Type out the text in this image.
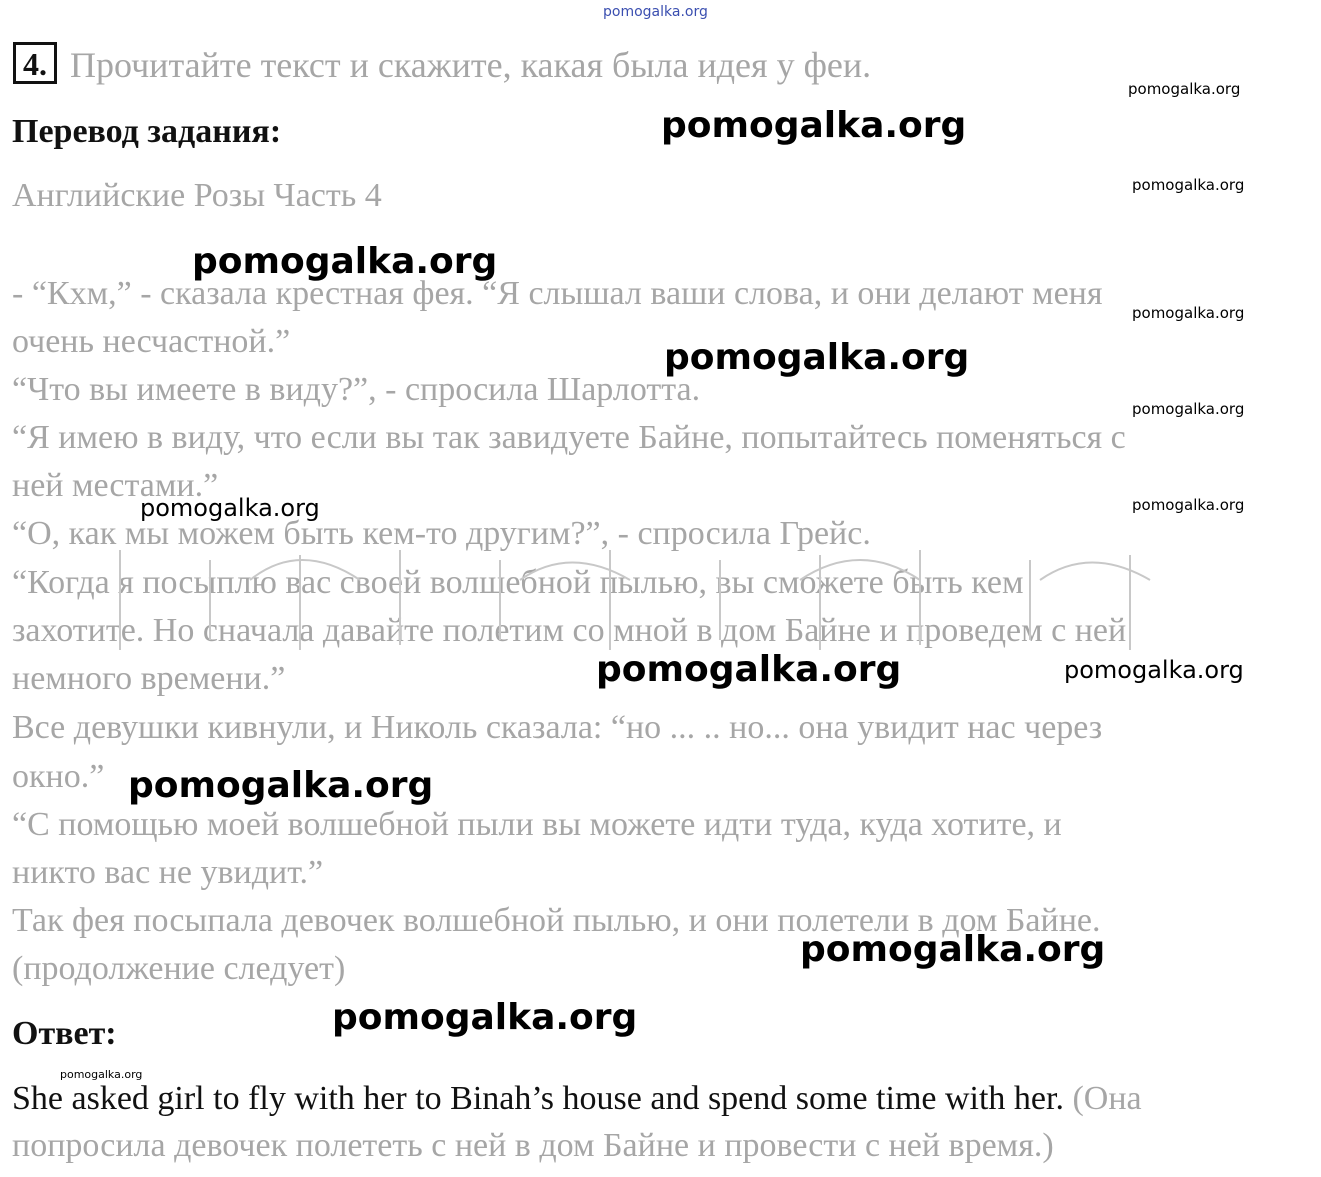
pomogalka.org
4. Прочитайте текст и скажите, какая была идея у феи.
Перевод задания:
Английские Розы Часть 4
- “Кхм,” - сказала крестная фея. “Я слышал ваши слова, и они делают меня
очень несчастной.”
“Что вы имеете в виду?”, - спросила Шарлотта.
“Я имею в виду, что если вы так завидуете Байне, попытайтесь поменяться с
ней местами.”
“О, как мы можем быть кем-то другим?”, - спросила Грейс.
“Когда я посыплю вас своей волшебной пылью, вы сможете быть кем
захотите. Но сначала давайте полетим со мной в дом Байне и проведем с ней
немного времени.”
Все девушки кивнули, и Николь сказала: “но ... .. но... она увидит нас через
окно.”
“С помощью моей волшебной пыли вы можете идти туда, куда хотите, и
никто вас не увидит.”
Так фея посыпала девочек волшебной пылью, и они полетели в дом Байне.
(продолжение следует)
Ответ:
She asked girl to fly with her to Binah’s house and spend some time with her. (Она
попросила девочек полететь с ней в дом Байне и провести с ней время.)
pomogalka.org
pomogalka.org
pomogalka.org
pomogalka.org
pomogalka.org
pomogalka.org
pomogalka.org
pomogalka.org
pomogalka.org
pomogalka.org
pomogalka.org
pomogalka.org
pomogalka.org
pomogalka.org
pomogalka.org
